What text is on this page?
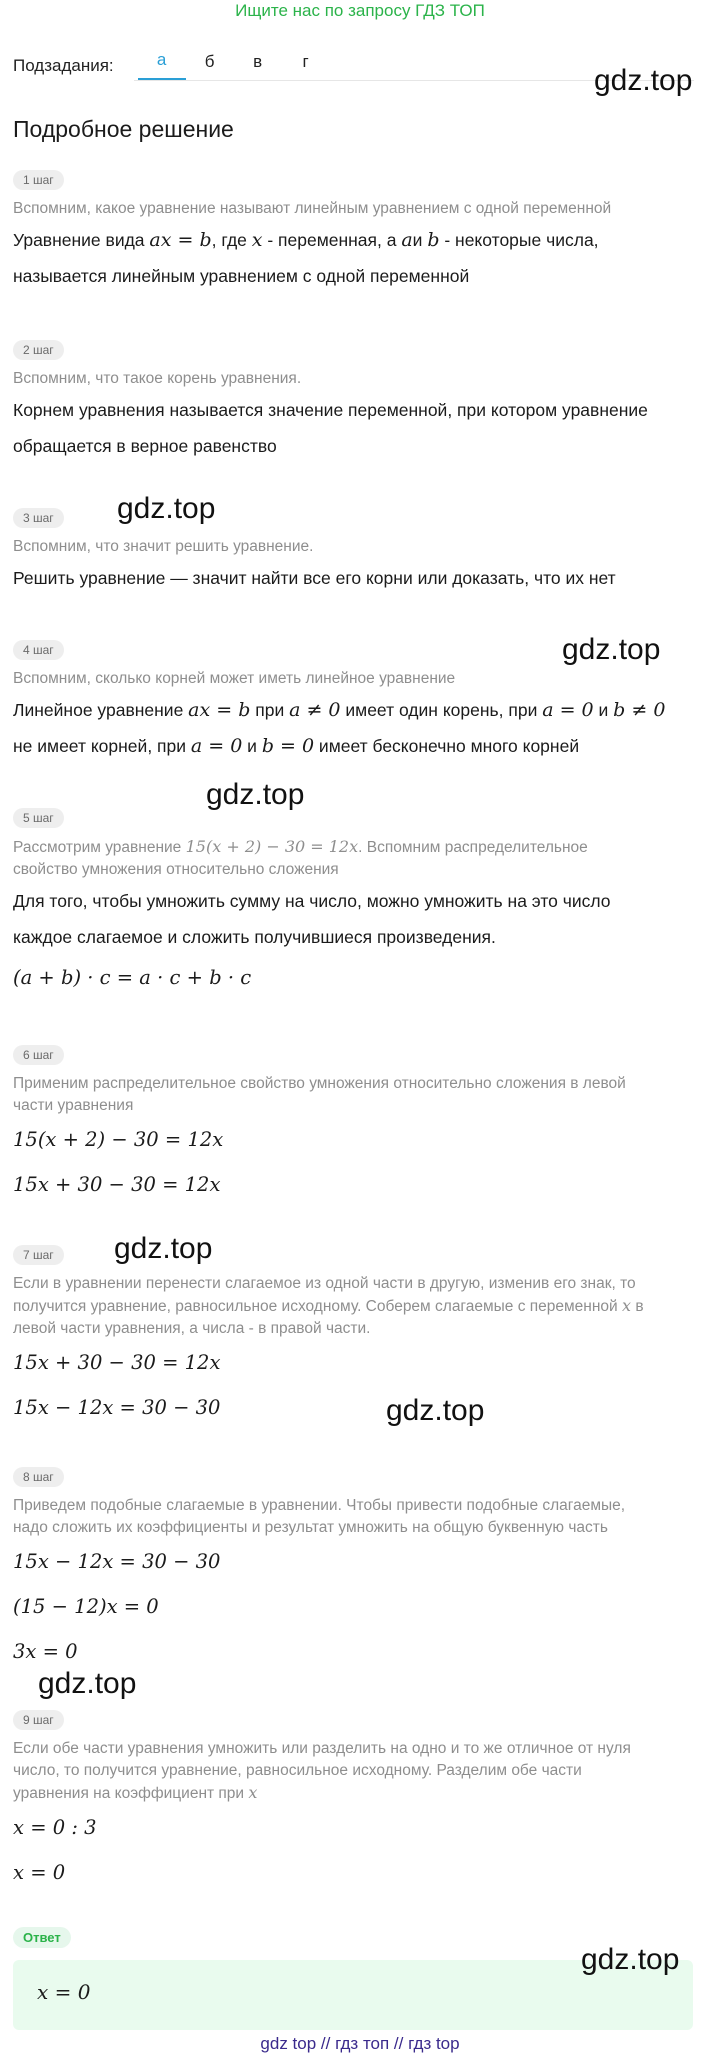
Ищите нас по запросу ГДЗ ТОП
Подзадания:	а	б	в	г
Подробное решение
1 шаг
Вспомним, какое уравнение называют линейным уравнением с одной переменной
Уравнение вида ax = b, где x - переменная, а aи b - некоторые числа,
называется линейным уравнением с одной переменной
2 шаг
Вспомним, что такое корень уравнения.
Корнем уравнения называется значение переменной, при котором уравнение
обращается в верное равенство
3 шаг
Вспомним, что значит решить уравнение.
Решить уравнение — значит найти все его корни или доказать, что их нет
4 шаг
Вспомним, сколько корней может иметь линейное уравнение
Линейное уравнение ax = b при a ≠ 0 имеет один корень, при a = 0 и b ≠ 0
не имеет корней, при a = 0 и b = 0 имеет бесконечно много корней
5 шаг
Рассмотрим уравнение 15(x + 2) − 30 = 12x. Вспомним распределительное
свойство умножения относительно сложения
Для того, чтобы умножить сумму на число, можно умножить на это число
каждое слагаемое и сложить получившиеся произведения.
(a + b) · c = a · c + b · c
6 шаг
Применим распределительное свойство умножения относительно сложения в левой
части уравнения
15(x + 2) − 30 = 12x
15x + 30 − 30 = 12x
7 шаг
Если в уравнении перенести слагаемое из одной части в другую, изменив его знак, то
получится уравнение, равносильное исходному. Соберем слагаемые с переменной x в
левой части уравнения, а числа - в правой части.
15x + 30 − 30 = 12x
15x − 12x = 30 − 30
8 шаг
Приведем подобные слагаемые в уравнении. Чтобы привести подобные слагаемые,
надо сложить их коэффициенты и результат умножить на общую буквенную часть
15x − 12x = 30 − 30
(15 − 12)x = 0
3x = 0
9 шаг
Если обе части уравнения умножить или разделить на одно и то же отличное от нуля
число, то получится уравнение, равносильное исходному. Разделим обе части
уравнения на коэффициент при x
x = 0 : 3
x = 0
Ответ
x = 0
gdz.top
gdz.top
gdz.top
gdz.top
gdz.top
gdz.top
gdz.top
gdz.top
gdz top // гдз топ // гдз top
